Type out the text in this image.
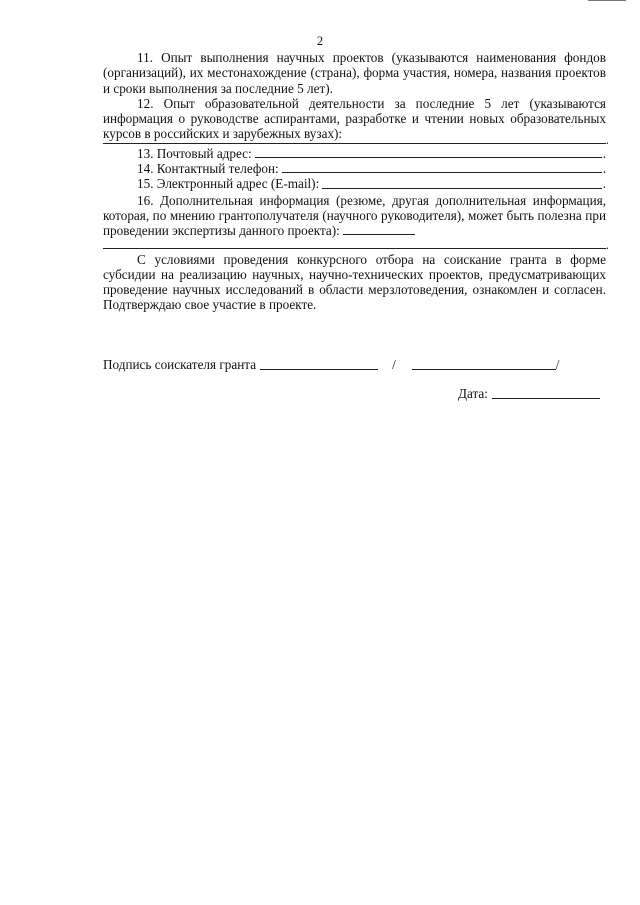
2

11. Опыт выполнения научных проектов (указываются наименования фондов (организаций), их местонахождение (страна), форма участия, номера, названия проектов и сроки выполнения за последние 5 лет).

12. Опыт образовательной деятельности за последние 5 лет (указываются информация о руководстве аспирантами, разработке и чтении новых образовательных курсов в российских и зарубежных вузах):	.
13. Почтовый адрес:	.
14. Контактный телефон:	.
15. Электронный адрес (E-mail):	.

16. Дополнительная информация (резюме, другая дополнительная информация, которая, по мнению грантополучателя (научного руководителя), может быть полезна при проведении экспертизы данного проекта):

.

С условиями проведения конкурсного отбора на соискание гранта в форме субсидии на реализацию научных, научно-технических проектов, предусматривающих проведение научных исследований в области мерзлотоведения, ознакомлен и согласен. Подтверждаю свое участие в проекте.

Подпись соискателя гранта	/	/
Дата:
